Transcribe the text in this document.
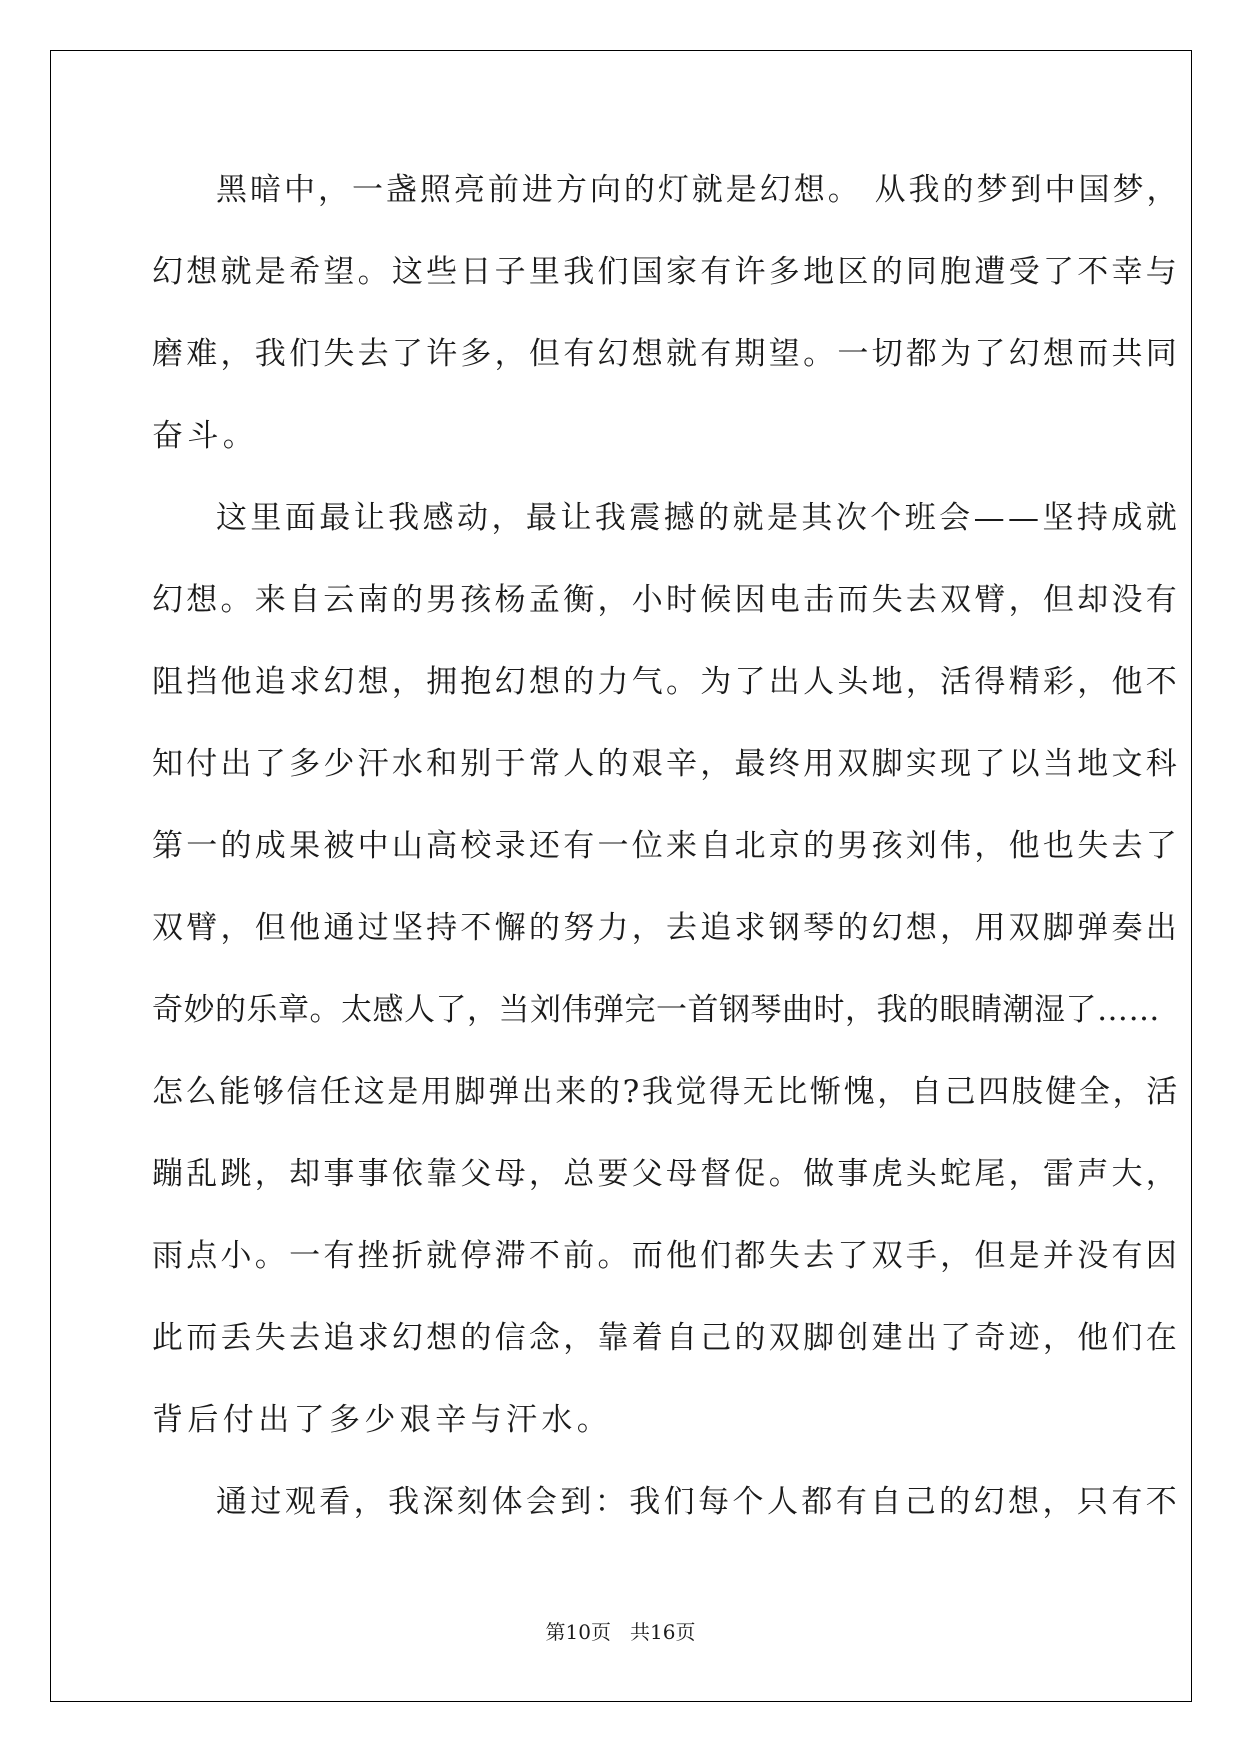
黑暗中，一盏照亮前进方向的灯就是幻想。 从我的梦到中国梦，
幻想就是希望。这些日子里我们国家有许多地区的同胞遭受了不幸与
磨难，我们失去了许多，但有幻想就有期望。一切都为了幻想而共同
奋斗。
这里面最让我感动，最让我震撼的就是其次个班会——坚持成就
幻想。来自云南的男孩杨孟衡，小时候因电击而失去双臂，但却没有
阻挡他追求幻想，拥抱幻想的力气。为了出人头地，活得精彩，他不
知付出了多少汗水和别于常人的艰辛，最终用双脚实现了以当地文科
第一的成果被中山高校录还有一位来自北京的男孩刘伟，他也失去了
双臂，但他通过坚持不懈的努力，去追求钢琴的幻想，用双脚弹奏出
奇妙的乐章。太感人了，当刘伟弹完一首钢琴曲时，我的眼睛潮湿了……
怎么能够信任这是用脚弹出来的?我觉得无比惭愧，自己四肢健全，活
蹦乱跳，却事事依靠父母，总要父母督促。做事虎头蛇尾，雷声大，
雨点小。一有挫折就停滞不前。而他们都失去了双手，但是并没有因
此而丢失去追求幻想的信念，靠着自己的双脚创建出了奇迹，他们在
背后付出了多少艰辛与汗水。
通过观看，我深刻体会到：我们每个人都有自己的幻想，只有不
第10页 共16页
